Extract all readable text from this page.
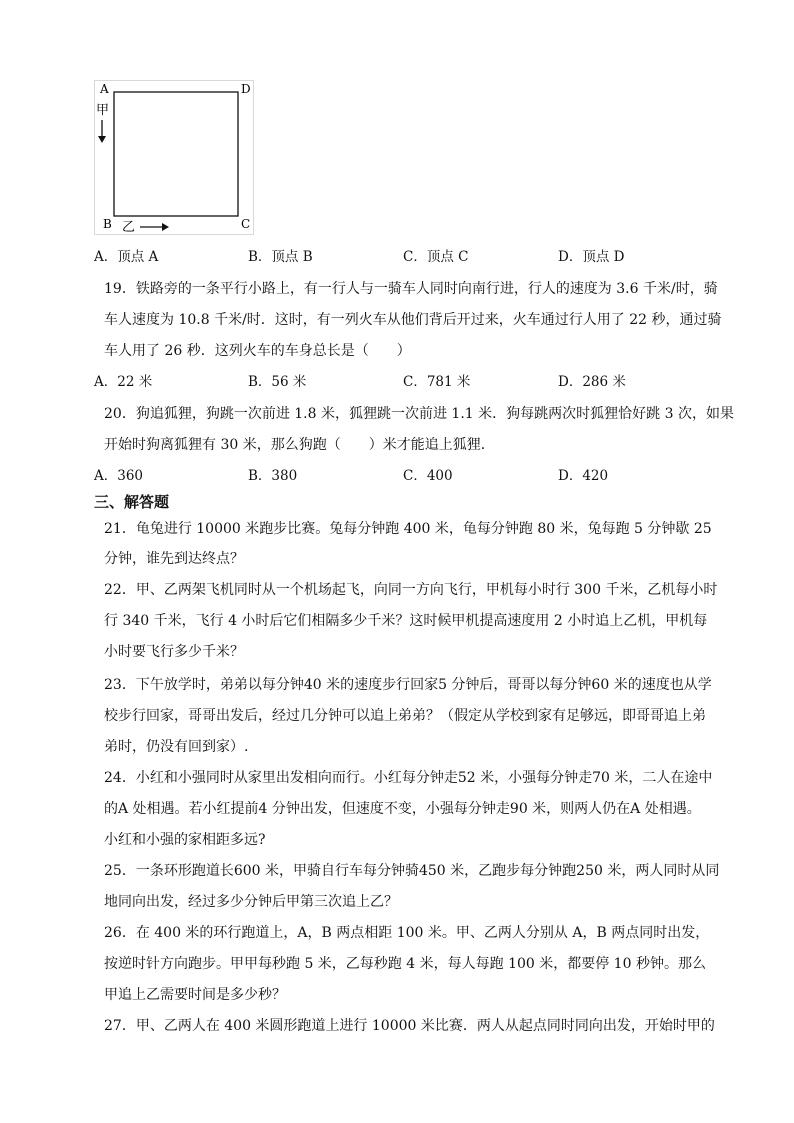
A	D
B	C
甲
乙
A．顶点 A	B．顶点 B	C．顶点 C	D．顶点 D
19．铁路旁的一条平行小路上，有一行人与一骑车人同时向南行进，行人的速度为 3.6 千米/时，骑
车人速度为 10.8 千米/时．这时，有一列火车从他们背后开过来，火车通过行人用了 22 秒，通过骑
车人用了 26 秒．这列火车的车身总长是（　　）
A．22 米	B．56 米	C．781 米	D．286 米
20．狗追狐狸，狗跳一次前进 1.8 米，狐狸跳一次前进 1.1 米．狗每跳两次时狐狸恰好跳 3 次，如果
开始时狗离狐狸有 30 米，那么狗跑（　　）米才能追上狐狸．
A．360	B．380	C．400	D．420
三、解答题
21．龟兔进行 10000 米跑步比赛。兔每分钟跑 400 米，龟每分钟跑 80 米，兔每跑 5 分钟歇 25
分钟，谁先到达终点？
22．甲、乙两架飞机同时从一个机场起飞，向同一方向飞行，甲机每小时行 300 千米，乙机每小时
行 340 千米，飞行 4 小时后它们相隔多少千米？这时候甲机提高速度用 2 小时追上乙机，甲机每
小时要飞行多少千米？
23．下午放学时，弟弟以每分钟40 米的速度步行回家5 分钟后，哥哥以每分钟60 米的速度也从学
校步行回家，哥哥出发后，经过几分钟可以追上弟弟？（假定从学校到家有足够远，即哥哥追上弟
弟时，仍没有回到家）.
24．小红和小强同时从家里出发相向而行。小红每分钟走52 米，小强每分钟走70 米，二人在途中
的A 处相遇。若小红提前4 分钟出发，但速度不变，小强每分钟走90 米，则两人仍在A 处相遇。
小红和小强的家相距多远?
25．一条环形跑道长600 米，甲骑自行车每分钟骑450 米，乙跑步每分钟跑250 米，两人同时从同
地同向出发，经过多少分钟后甲第三次追上乙？
26．在 400 米的环行跑道上，A，B 两点相距 100 米。甲、乙两人分别从 A，B 两点同时出发，
按逆时针方向跑步。甲甲每秒跑 5 米，乙每秒跑 4 米，每人每跑 100 米，都要停 10 秒钟。那么
甲追上乙需要时间是多少秒？
27．甲、乙两人在 400 米圆形跑道上进行 10000 米比赛．两人从起点同时同向出发，开始时甲的
